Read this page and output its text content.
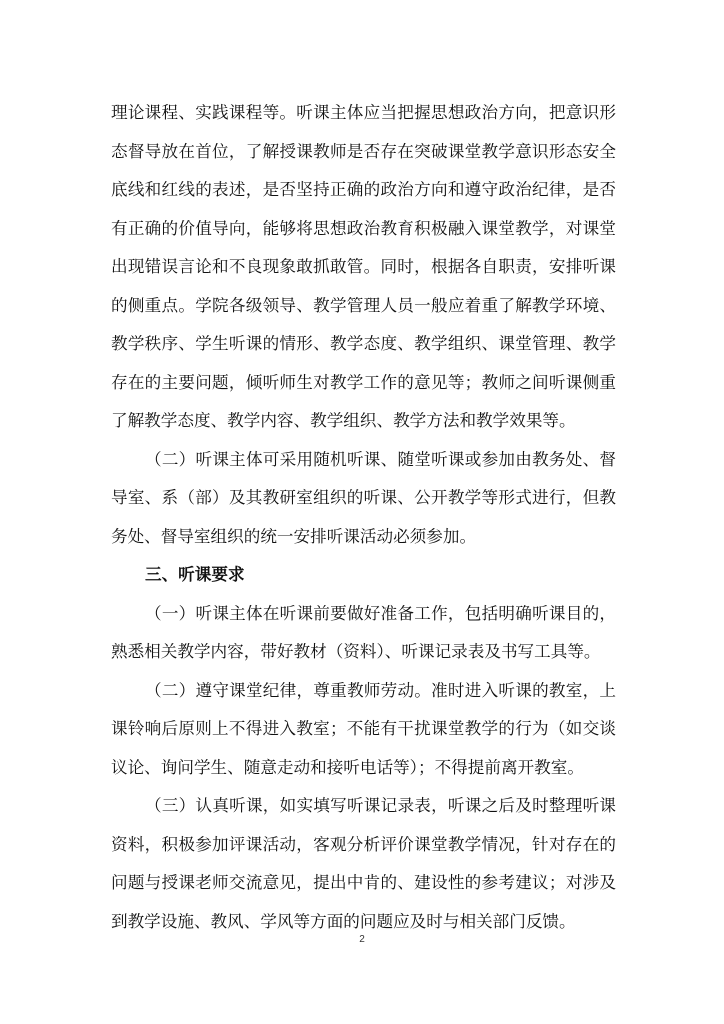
理论课程、实践课程等。听课主体应当把握思想政治方向，把意识形
态督导放在首位，了解授课教师是否存在突破课堂教学意识形态安全
底线和红线的表述，是否坚持正确的政治方向和遵守政治纪律，是否
有正确的价值导向，能够将思想政治教育积极融入课堂教学，对课堂
出现错误言论和不良现象敢抓敢管。同时，根据各自职责，安排听课
的侧重点。学院各级领导、教学管理人员一般应着重了解教学环境、
教学秩序、学生听课的情形、教学态度、教学组织、课堂管理、教学
存在的主要问题，倾听师生对教学工作的意见等；教师之间听课侧重
了解教学态度、教学内容、教学组织、教学方法和教学效果等。
（二）听课主体可采用随机听课、随堂听课或参加由教务处、督
导室、系（部）及其教研室组织的听课、公开教学等形式进行，但教
务处、督导室组织的统一安排听课活动必须参加。
三、听课要求
（一）听课主体在听课前要做好准备工作，包括明确听课目的，
熟悉相关教学内容，带好教材（资料）、听课记录表及书写工具等。
（二）遵守课堂纪律，尊重教师劳动。准时进入听课的教室，上
课铃响后原则上不得进入教室；不能有干扰课堂教学的行为（如交谈
议论、询问学生、随意走动和接听电话等）；不得提前离开教室。
（三）认真听课，如实填写听课记录表，听课之后及时整理听课
资料，积极参加评课活动，客观分析评价课堂教学情况，针对存在的
问题与授课老师交流意见，提出中肯的、建设性的参考建议；对涉及
到教学设施、教风、学风等方面的问题应及时与相关部门反馈。
2
